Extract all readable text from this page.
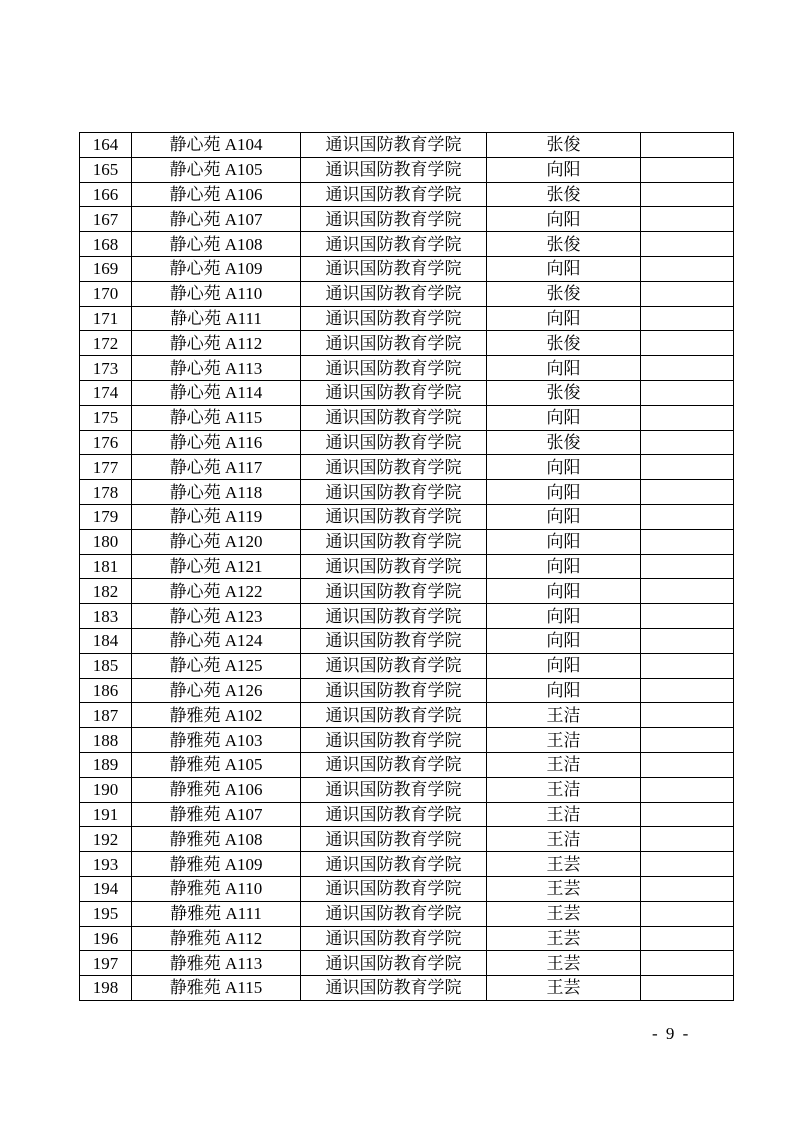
164	静心苑 A104	通识国防教育学院	张俊	
165	静心苑 A105	通识国防教育学院	向阳	
166	静心苑 A106	通识国防教育学院	张俊	
167	静心苑 A107	通识国防教育学院	向阳	
168	静心苑 A108	通识国防教育学院	张俊	
169	静心苑 A109	通识国防教育学院	向阳	
170	静心苑 A110	通识国防教育学院	张俊	
171	静心苑 A111	通识国防教育学院	向阳	
172	静心苑 A112	通识国防教育学院	张俊	
173	静心苑 A113	通识国防教育学院	向阳	
174	静心苑 A114	通识国防教育学院	张俊	
175	静心苑 A115	通识国防教育学院	向阳	
176	静心苑 A116	通识国防教育学院	张俊	
177	静心苑 A117	通识国防教育学院	向阳	
178	静心苑 A118	通识国防教育学院	向阳	
179	静心苑 A119	通识国防教育学院	向阳	
180	静心苑 A120	通识国防教育学院	向阳	
181	静心苑 A121	通识国防教育学院	向阳	
182	静心苑 A122	通识国防教育学院	向阳	
183	静心苑 A123	通识国防教育学院	向阳	
184	静心苑 A124	通识国防教育学院	向阳	
185	静心苑 A125	通识国防教育学院	向阳	
186	静心苑 A126	通识国防教育学院	向阳	
187	静雅苑 A102	通识国防教育学院	王洁	
188	静雅苑 A103	通识国防教育学院	王洁	
189	静雅苑 A105	通识国防教育学院	王洁	
190	静雅苑 A106	通识国防教育学院	王洁	
191	静雅苑 A107	通识国防教育学院	王洁	
192	静雅苑 A108	通识国防教育学院	王洁	
193	静雅苑 A109	通识国防教育学院	王芸	
194	静雅苑 A110	通识国防教育学院	王芸	
195	静雅苑 A111	通识国防教育学院	王芸	
196	静雅苑 A112	通识国防教育学院	王芸	
197	静雅苑 A113	通识国防教育学院	王芸	
198	静雅苑 A115	通识国防教育学院	王芸	
- 9 -
